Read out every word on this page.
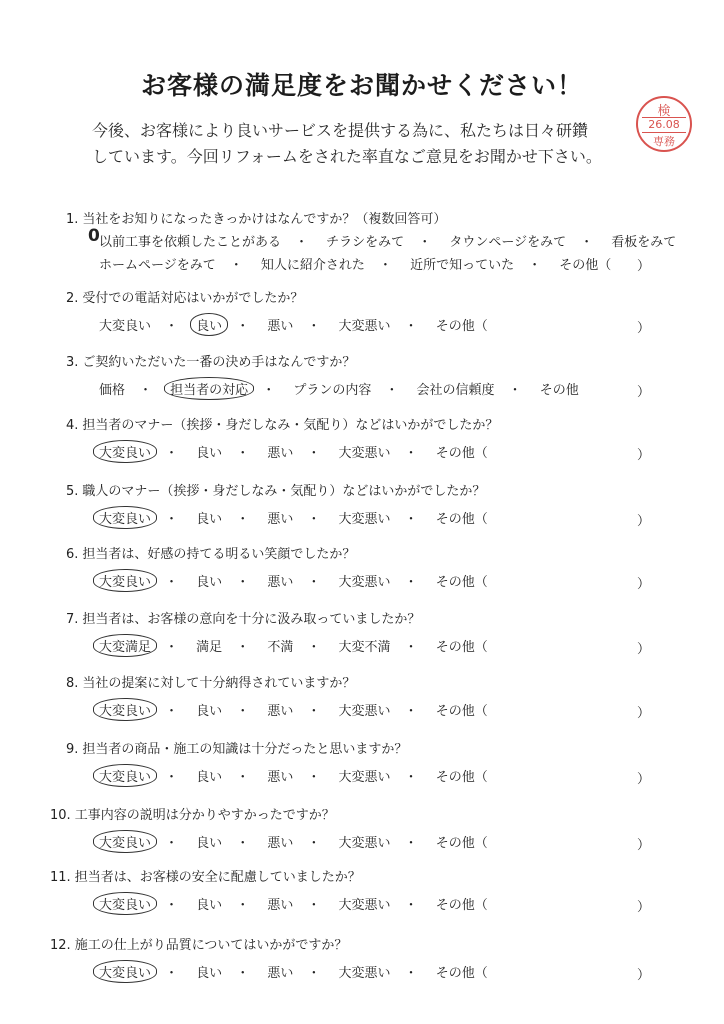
お客様の満足度をお聞かせください！
今後、お客様により良いサービスを提供する為に、私たちは日々研鑽
しています。今回リフォームをされた率直なご意見をお聞かせ下さい。
検
26.08
専務
1. 当社をお知りになったきっかけはなんですか？（複数回答可）
0 以前工事を依頼したことがある ・ チラシをみて ・ タウンページをみて ・ 看板をみて
ホームページをみて ・ 知人に紹介された ・ 近所で知っていた ・ その他（ ）
2. 受付での電話対応はいかがでしたか？
大変良い ・ 良い ・ 悪い ・ 大変悪い ・ その他（	）
3. ご契約いただいた一番の決め手はなんですか？
価格 ・ 担当者の対応 ・ プランの内容 ・ 会社の信頼度 ・ その他	）
4. 担当者のマナー（挨拶・身だしなみ・気配り）などはいかがでしたか？
大変良い ・ 良い ・ 悪い ・ 大変悪い ・ その他（	）
5. 職人のマナー（挨拶・身だしなみ・気配り）などはいかがでしたか？
大変良い ・ 良い ・ 悪い ・ 大変悪い ・ その他（	）
6. 担当者は、好感の持てる明るい笑顔でしたか？
大変良い ・ 良い ・ 悪い ・ 大変悪い ・ その他（	）
7. 担当者は、お客様の意向を十分に汲み取っていましたか？
大変満足 ・ 満足 ・ 不満 ・ 大変不満 ・ その他（	）
8. 当社の提案に対して十分納得されていますか？
大変良い ・ 良い ・ 悪い ・ 大変悪い ・ その他（	）
9. 担当者の商品・施工の知識は十分だったと思いますか？
大変良い ・ 良い ・ 悪い ・ 大変悪い ・ その他（	）
10. 工事内容の説明は分かりやすかったですか？
大変良い ・ 良い ・ 悪い ・ 大変悪い ・ その他（	）
11. 担当者は、お客様の安全に配慮していましたか？
大変良い ・ 良い ・ 悪い ・ 大変悪い ・ その他（	）
12. 施工の仕上がり品質についてはいかがですか？
大変良い ・ 良い ・ 悪い ・ 大変悪い ・ その他（	）
